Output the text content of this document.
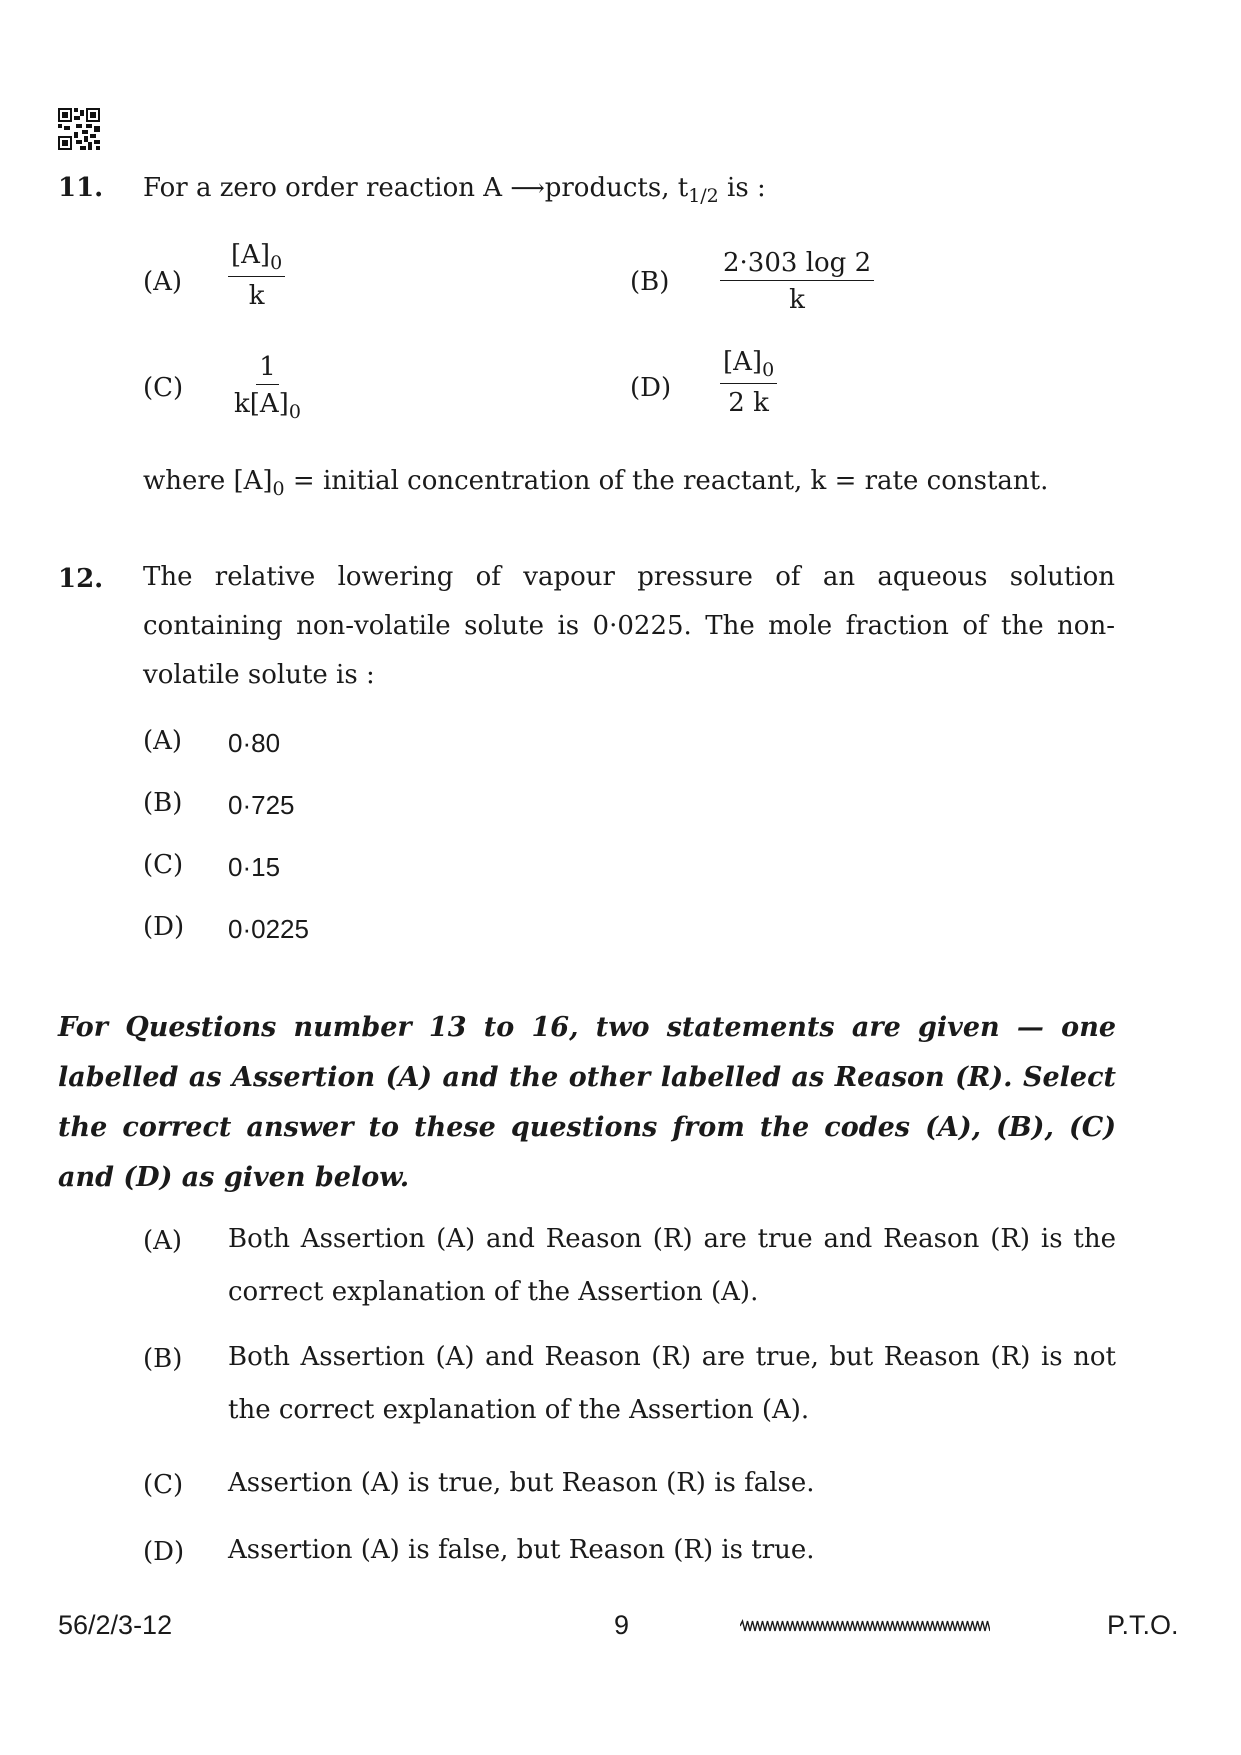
11. For a zero order reaction A ⟶products, $t_{1/2}$ is :
$(A) \frac{[A]_0}{k}$	$(B) \frac{2\cdot 303 \log 2}{k}$
$(C) \frac{1}{k[A]_0}$	$(D) \frac{[A]_0}{2 k}$
where $[A]_0$ = initial concentration of the reactant, k = rate constant.
12. The relative lowering of vapour pressure of an aqueous solution containing non-volatile solute is 0·0225. The mole fraction of the non-volatile solute is :
(A) 0·80
(B) 0·725
(C) 0·15
(D) 0·0225
For Questions number 13 to 16, two statements are given — one labelled as Assertion (A) and the other labelled as Reason (R). Select the correct answer to these questions from the codes (A), (B), (C) and (D) as given below.
(A) Both Assertion (A) and Reason (R) are true and Reason (R) is the correct explanation of the Assertion (A).
(B) Both Assertion (A) and Reason (R) are true, but Reason (R) is not the correct explanation of the Assertion (A).
(C) Assertion (A) is true, but Reason (R) is false.
(D) Assertion (A) is false, but Reason (R) is true.
56/2/3-12	9	P.T.O.
